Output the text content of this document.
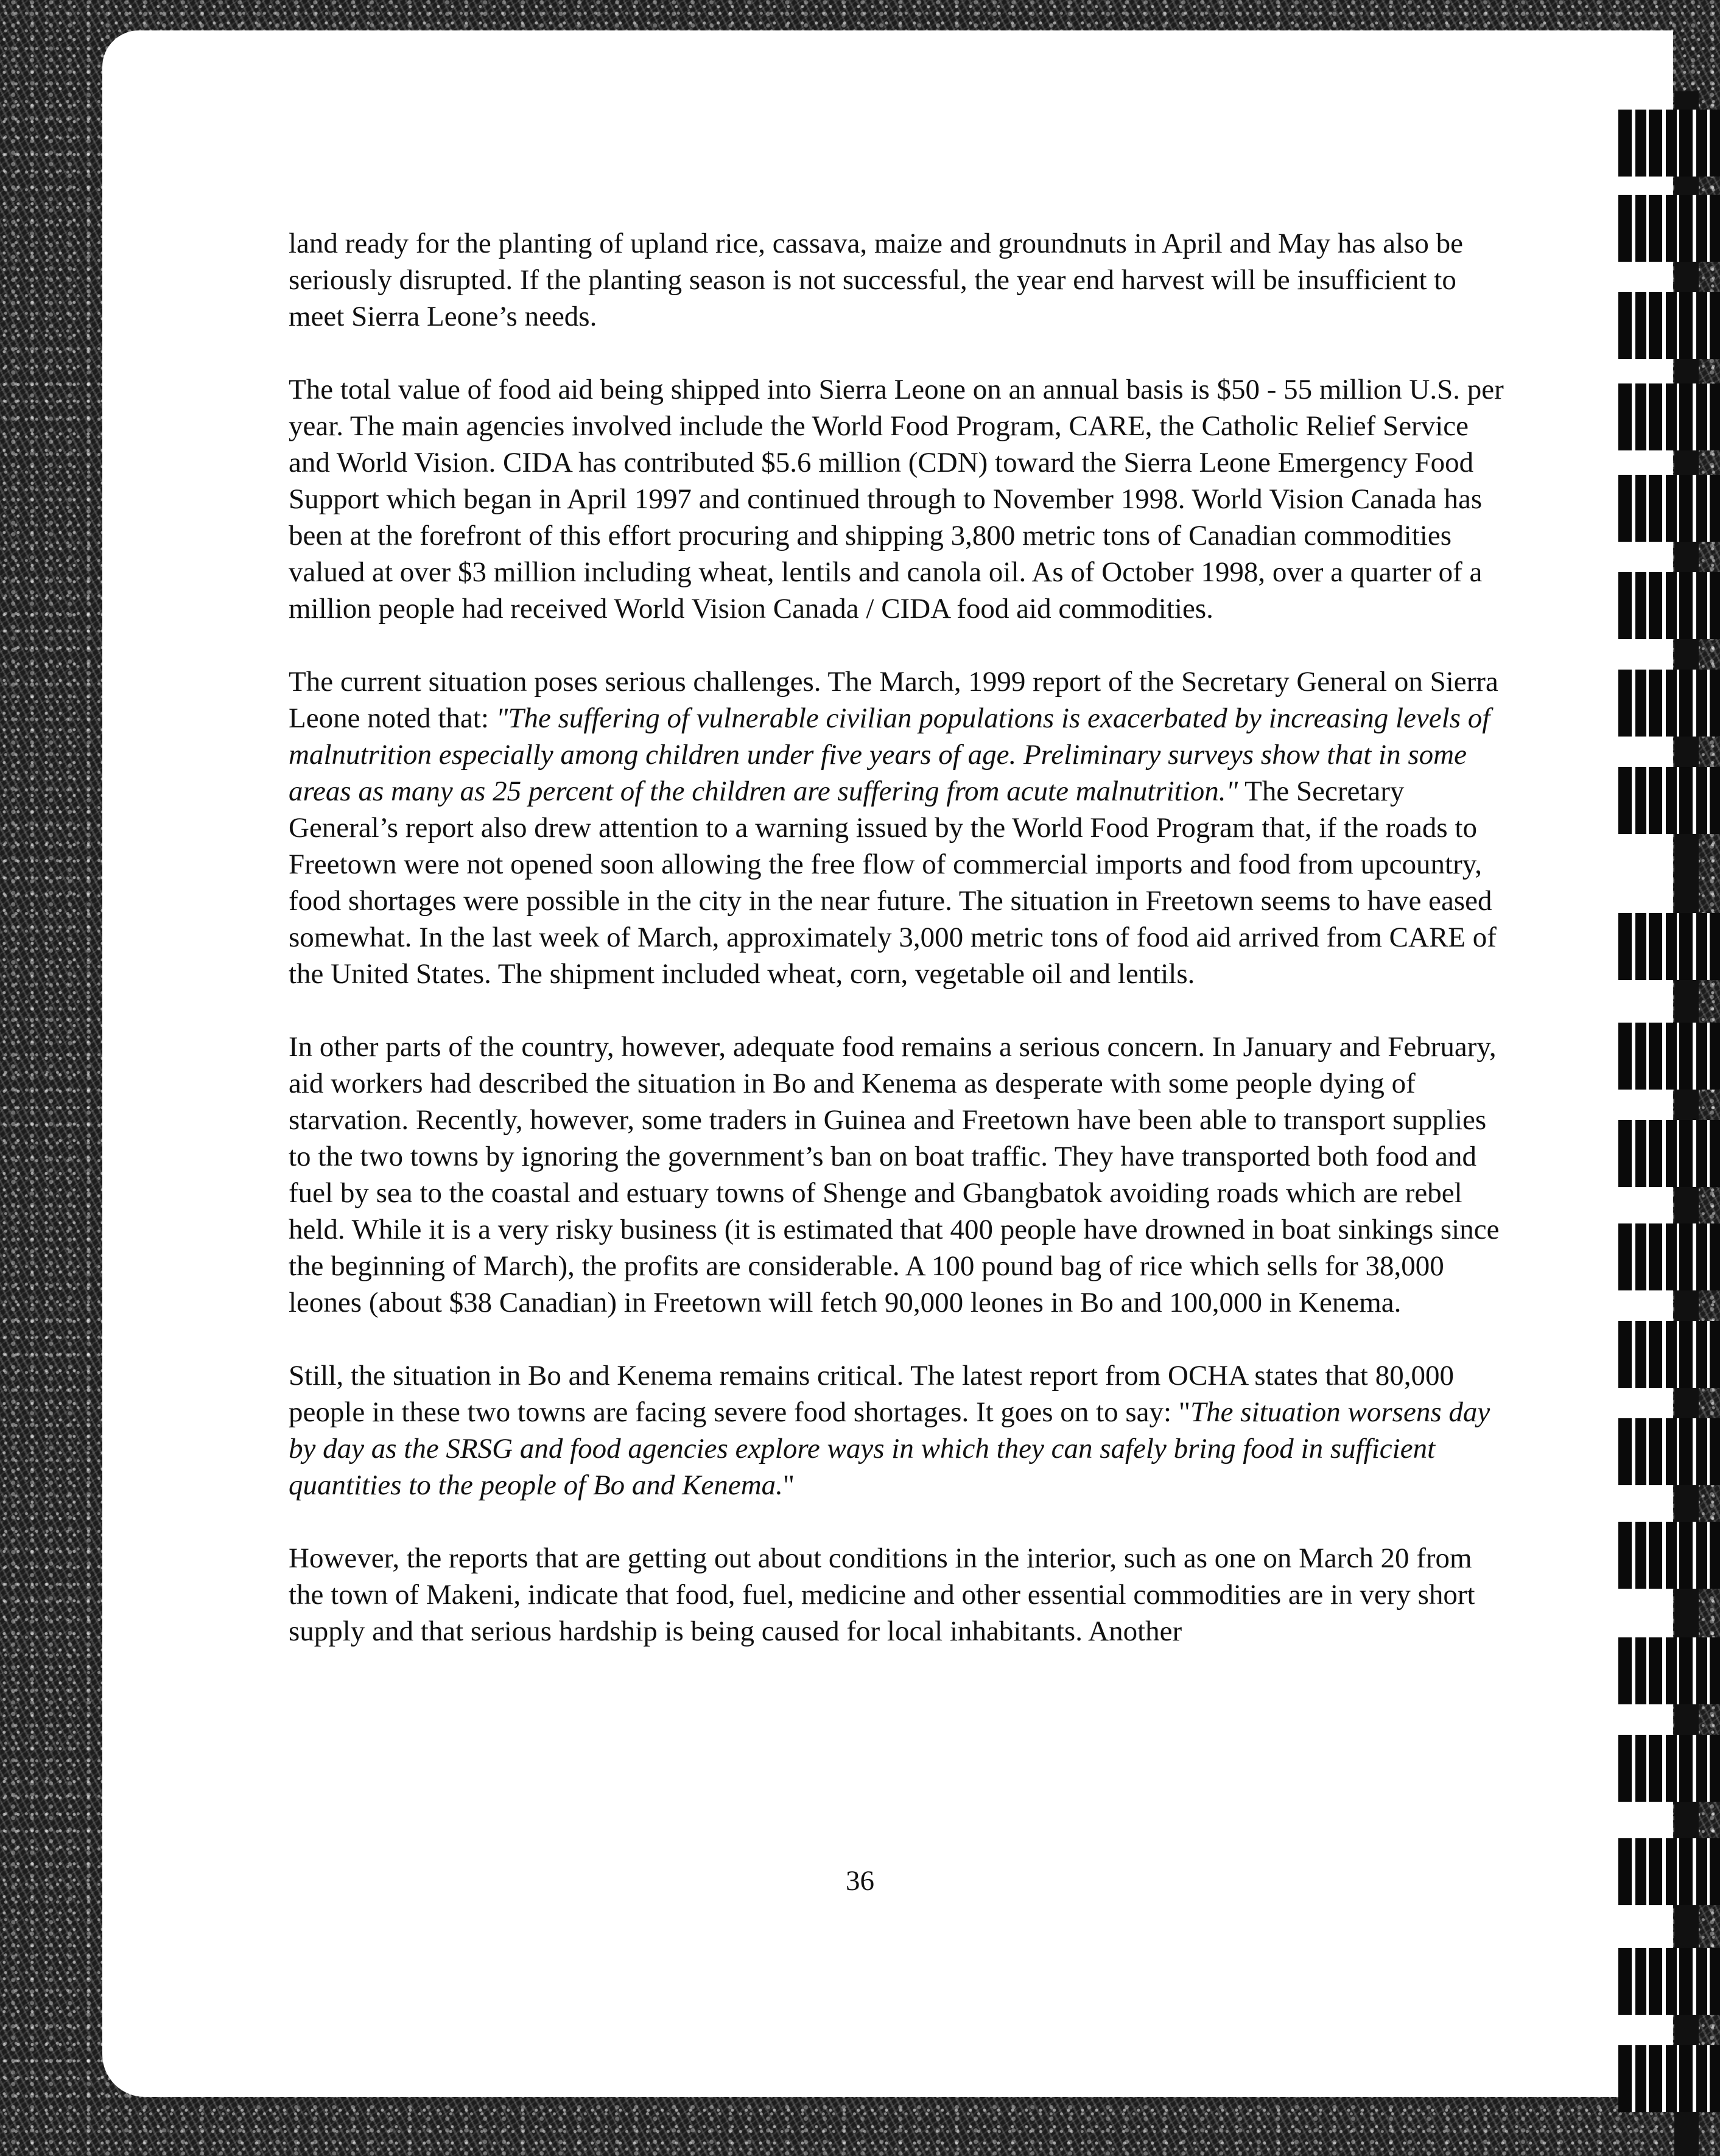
land ready for the planting of upland rice, cassava, maize and groundnuts in April and May has also be seriously disrupted. If the planting season is not successful, the year end harvest will be insufficient to meet Sierra Leone’s needs.

The total value of food aid being shipped into Sierra Leone on an annual basis is $50 - 55 million U.S. per year. The main agencies involved include the World Food Program, CARE, the Catholic Relief Service and World Vision. CIDA has contributed $5.6 million (CDN) toward the Sierra Leone Emergency Food Support which began in April 1997 and continued through to November 1998. World Vision Canada has been at the forefront of this effort procuring and shipping 3,800 metric tons of Canadian commodities valued at over $3 million including wheat, lentils and canola oil. As of October 1998, over a quarter of a million people had received World Vision Canada / CIDA food aid commodities.

The current situation poses serious challenges. The March, 1999 report of the Secretary General on Sierra Leone noted that: "The suffering of vulnerable civilian populations is exacerbated by increasing levels of malnutrition especially among children under five years of age. Preliminary surveys show that in some areas as many as 25 percent of the children are suffering from acute malnutrition." The Secretary General’s report also drew attention to a warning issued by the World Food Program that, if the roads to Freetown were not opened soon allowing the free flow of commercial imports and food from upcountry, food shortages were possible in the city in the near future. The situation in Freetown seems to have eased somewhat. In the last week of March, approximately 3,000 metric tons of food aid arrived from CARE of the United States. The shipment included wheat, corn, vegetable oil and lentils.

In other parts of the country, however, adequate food remains a serious concern. In January and February, aid workers had described the situation in Bo and Kenema as desperate with some people dying of starvation. Recently, however, some traders in Guinea and Freetown have been able to transport supplies to the two towns by ignoring the government’s ban on boat traffic. They have transported both food and fuel by sea to the coastal and estuary towns of Shenge and Gbangbatok avoiding roads which are rebel held. While it is a very risky business (it is estimated that 400 people have drowned in boat sinkings since the beginning of March), the profits are considerable. A 100 pound bag of rice which sells for 38,000 leones (about $38 Canadian) in Freetown will fetch 90,000 leones in Bo and 100,000 in Kenema.

Still, the situation in Bo and Kenema remains critical. The latest report from OCHA states that 80,000 people in these two towns are facing severe food shortages. It goes on to say: "The situation worsens day by day as the SRSG and food agencies explore ways in which they can safely bring food in sufficient quantities to the people of Bo and Kenema."

However, the reports that are getting out about conditions in the interior, such as one on March 20 from the town of Makeni, indicate that food, fuel, medicine and other essential commodities are in very short supply and that serious hardship is being caused for local inhabitants. Another

36
